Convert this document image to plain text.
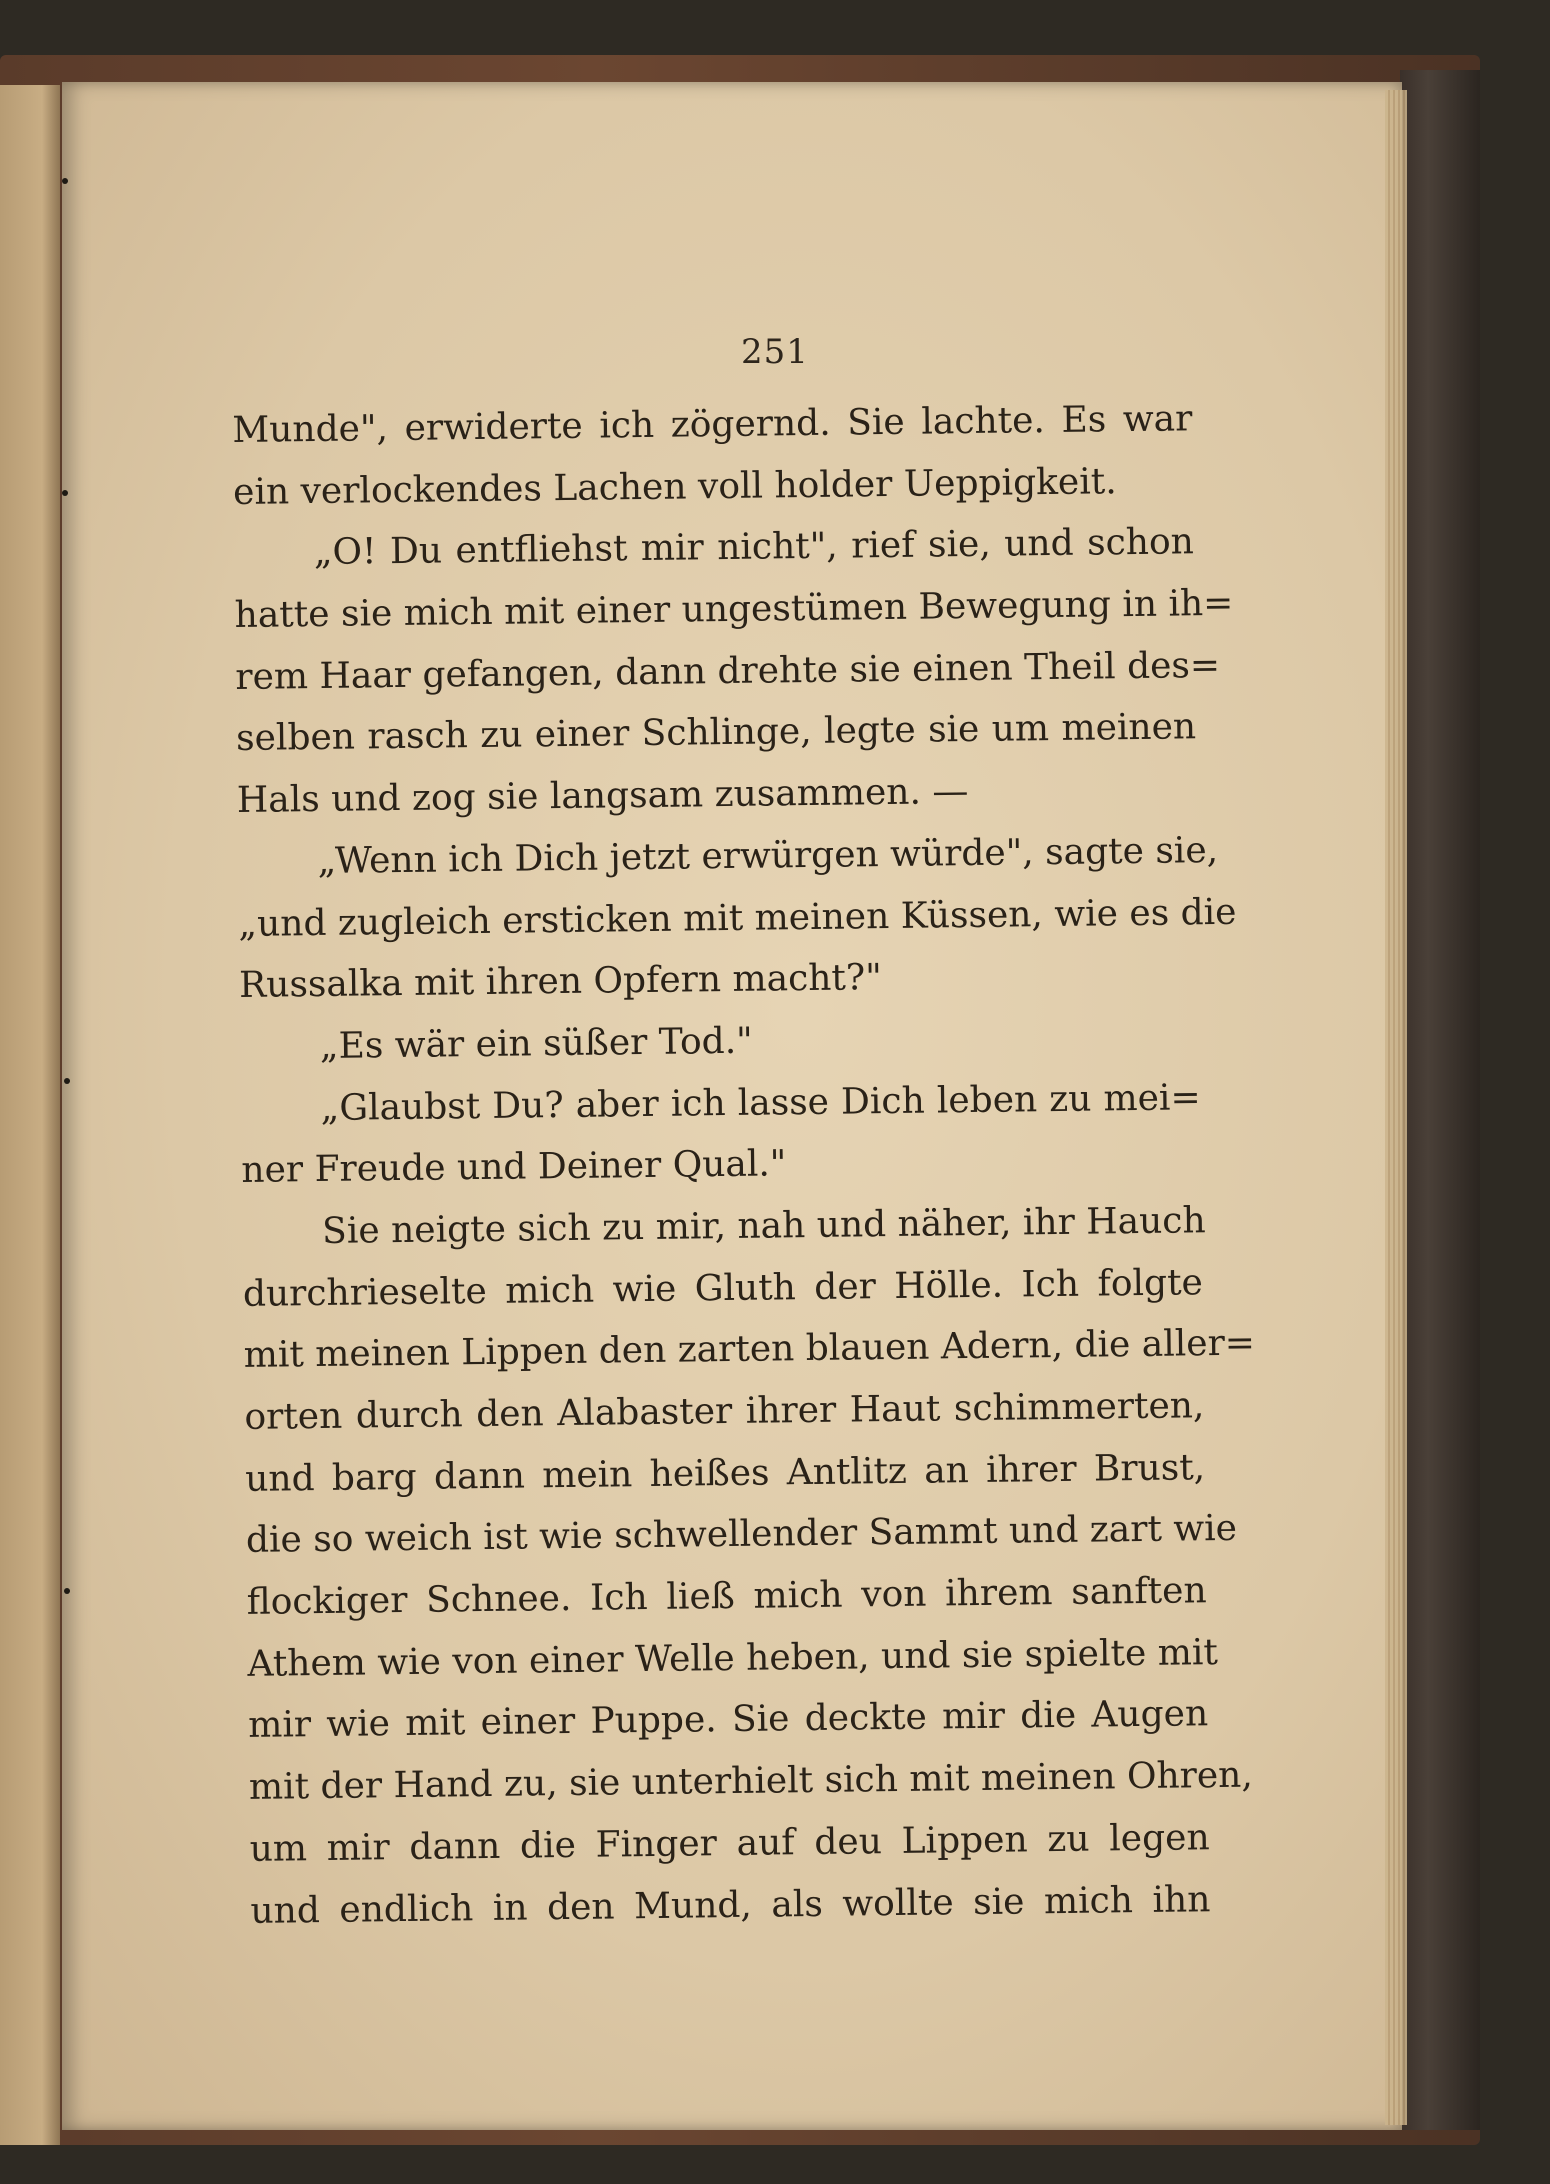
251
Munde", erwiderte ich zögernd. Sie lachte. Es war
ein verlockendes Lachen voll holder Ueppigkeit.
„O! Du entfliehst mir nicht", rief sie, und schon
hatte sie mich mit einer ungestümen Bewegung in ih=
rem Haar gefangen, dann drehte sie einen Theil des=
selben rasch zu einer Schlinge, legte sie um meinen
Hals und zog sie langsam zusammen. —
„Wenn ich Dich jetzt erwürgen würde", sagte sie,
„und zugleich ersticken mit meinen Küssen, wie es die
Russalka mit ihren Opfern macht?"
„Es wär ein süßer Tod."
„Glaubst Du? aber ich lasse Dich leben zu mei=
ner Freude und Deiner Qual."
Sie neigte sich zu mir, nah und näher, ihr Hauch
durchrieselte mich wie Gluth der Hölle. Ich folgte
mit meinen Lippen den zarten blauen Adern, die aller=
orten durch den Alabaster ihrer Haut schimmerten,
und barg dann mein heißes Antlitz an ihrer Brust,
die so weich ist wie schwellender Sammt und zart wie
flockiger Schnee. Ich ließ mich von ihrem sanften
Athem wie von einer Welle heben, und sie spielte mit
mir wie mit einer Puppe. Sie deckte mir die Augen
mit der Hand zu, sie unterhielt sich mit meinen Ohren,
um mir dann die Finger auf deu Lippen zu legen
und endlich in den Mund, als wollte sie mich ihn
